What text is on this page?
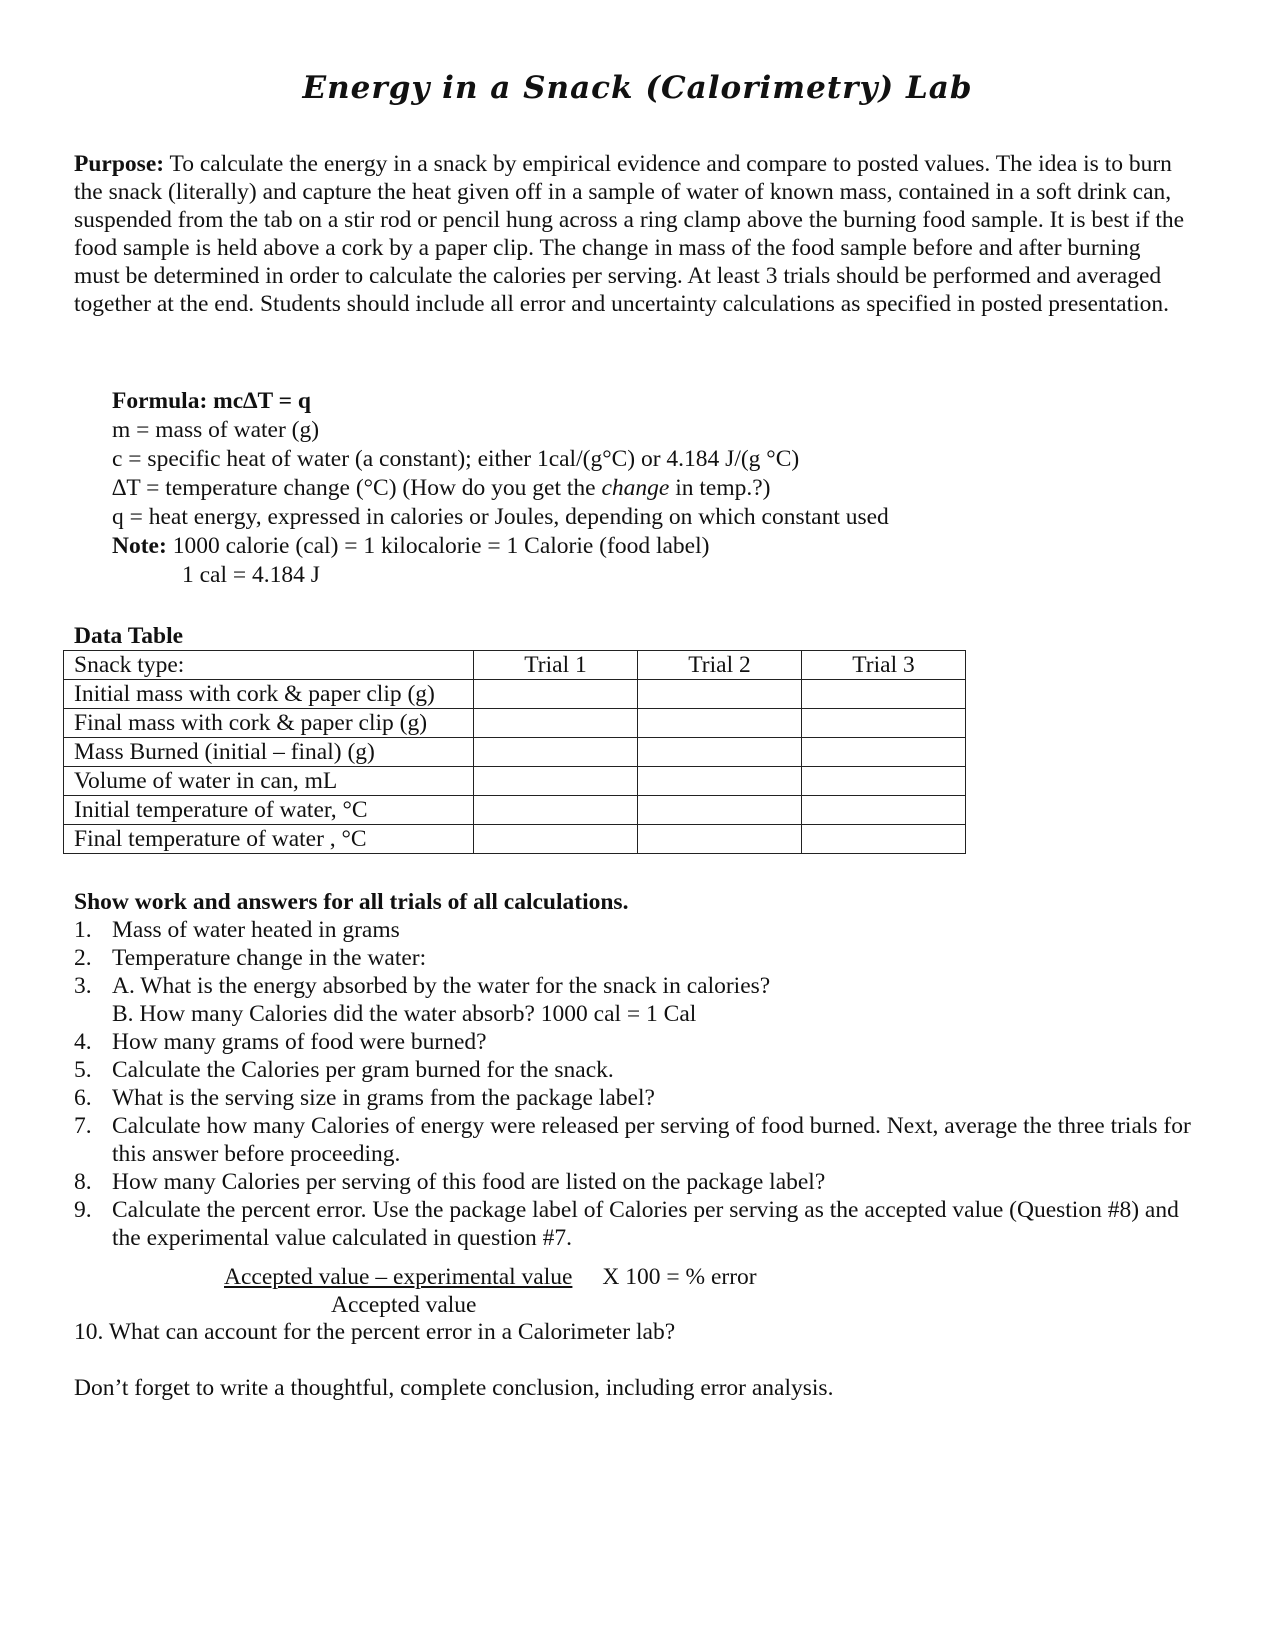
Energy in a Snack (Calorimetry) Lab

Purpose: To calculate the energy in a snack by empirical evidence and compare to posted values. The idea is to burn the snack (literally) and capture the heat given off in a sample of water of known mass, contained in a soft drink can, suspended from the tab on a stir rod or pencil hung across a ring clamp above the burning food sample. It is best if the food sample is held above a cork by a paper clip. The change in mass of the food sample before and after burning must be determined in order to calculate the calories per serving. At least 3 trials should be performed and averaged together at the end. Students should include all error and uncertainty calculations as specified in posted presentation.

Formula: mc∆T = q
m = mass of water (g)
c = specific heat of water (a constant); either 1cal/(g°C) or 4.184 J/(g °C)
∆T = temperature change (°C) (How do you get the change in temp.?)
q = heat energy, expressed in calories or Joules, depending on which constant used
Note: 1000 calorie (cal) = 1 kilocalorie = 1 Calorie (food label)
1 cal = 4.184 J

Data Table

Snack type:	Trial 1	Trial 2	Trial 3
Initial mass with cork & paper clip (g)			
Final mass with cork & paper clip (g)			
Mass Burned (initial – final) (g)			
Volume of water in can, mL			
Initial temperature of water, °C			
Final temperature of water , °C			

Show work and answers for all trials of all calculations.

1. Mass of water heated in grams
2. Temperature change in the water:
3. A. What is the energy absorbed by the water for the snack in calories?
B. How many Calories did the water absorb? 1000 cal = 1 Cal
4. How many grams of food were burned?
5. Calculate the Calories per gram burned for the snack.
6. What is the serving size in grams from the package label?
7. Calculate how many Calories of energy were released per serving of food burned. Next, average the three trials for this answer before proceeding.
8. How many Calories per serving of this food are listed on the package label?
9. Calculate the percent error. Use the package label of Calories per serving as the accepted value (Question #8) and the experimental value calculated in question #7.
Accepted value – experimental value X 100 = % error
Accepted value

10. What can account for the percent error in a Calorimeter lab?

Don’t forget to write a thoughtful, complete conclusion, including error analysis.
